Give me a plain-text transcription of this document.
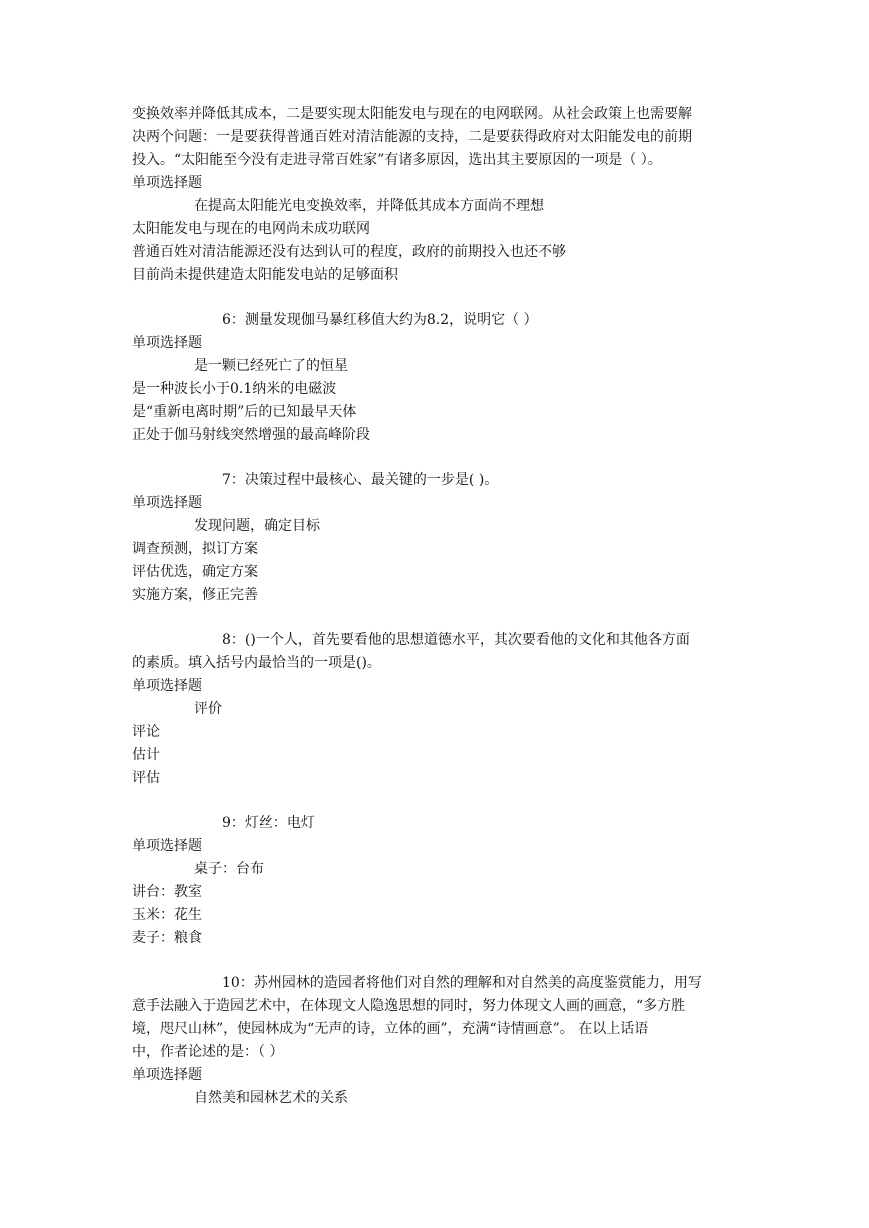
变换效率并降低其成本，二是要实现太阳能发电与现在的电网联网。从社会政策上也需要解
决两个问题：一是要获得普通百姓对清洁能源的支持，二是要获得政府对太阳能发电的前期
投入。“太阳能至今没有走进寻常百姓家”有诸多原因，选出其主要原因的一项是（ ）。
单项选择题
在提高太阳能光电变换效率，并降低其成本方面尚不理想
太阳能发电与现在的电网尚未成功联网
普通百姓对清洁能源还没有达到认可的程度，政府的前期投入也还不够
目前尚未提供建造太阳能发电站的足够面积
6：测量发现伽马暴红移值大约为8.2，说明它（ ）
单项选择题
是一颗已经死亡了的恒星
是一种波长小于0.1纳米的电磁波
是“重新电离时期”后的已知最早天体
正处于伽马射线突然增强的最高峰阶段
7：决策过程中最核心、最关键的一步是( )。
单项选择题
发现问题，确定目标
调查预测，拟订方案
评估优选，确定方案
实施方案，修正完善
8：()一个人，首先要看他的思想道德水平，其次要看他的文化和其他各方面
的素质。填入括号内最恰当的一项是()。
单项选择题
评价
评论
估计
评估
9：灯丝：电灯
单项选择题
桌子：台布
讲台：教室
玉米：花生
麦子：粮食
10：苏州园林的造园者将他们对自然的理解和对自然美的高度鉴赏能力，用写
意手法融入于造园艺术中，在体现文人隐逸思想的同时，努力体现文人画的画意，“多方胜
境，咫尺山林”，使园林成为“无声的诗，立体的画”，充满“诗情画意”。 在以上话语
中，作者论述的是：（ ）
单项选择题
自然美和园林艺术的关系
